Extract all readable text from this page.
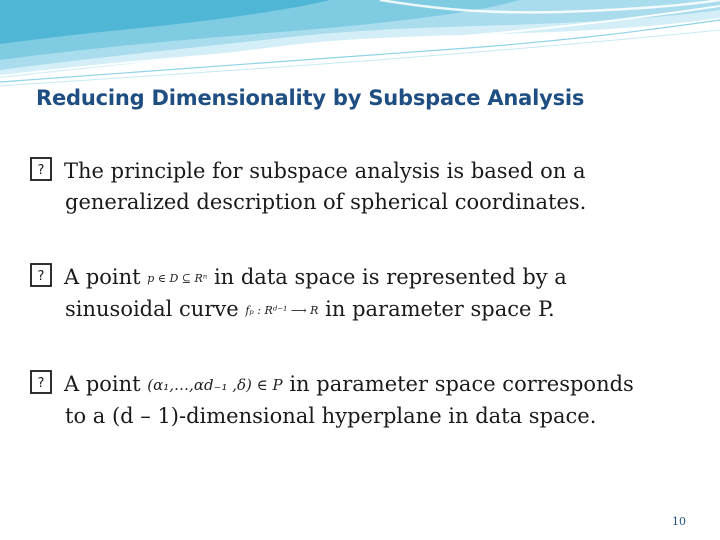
Reducing Dimensionality by Subspace Analysis
? The principle for subspace analysis is based on a
generalized description of spherical coordinates.
? A point p ∈ D ⊆ Rⁿ in data space is represented by a
sinusoidal curve fₚ : Rᵈ⁻¹ ⟶ R in parameter space P.
? A point (α₁,…,αd₋₁ ,δ) ∈ P in parameter space corresponds
to a (d – 1)-dimensional hyperplane in data space.
10
